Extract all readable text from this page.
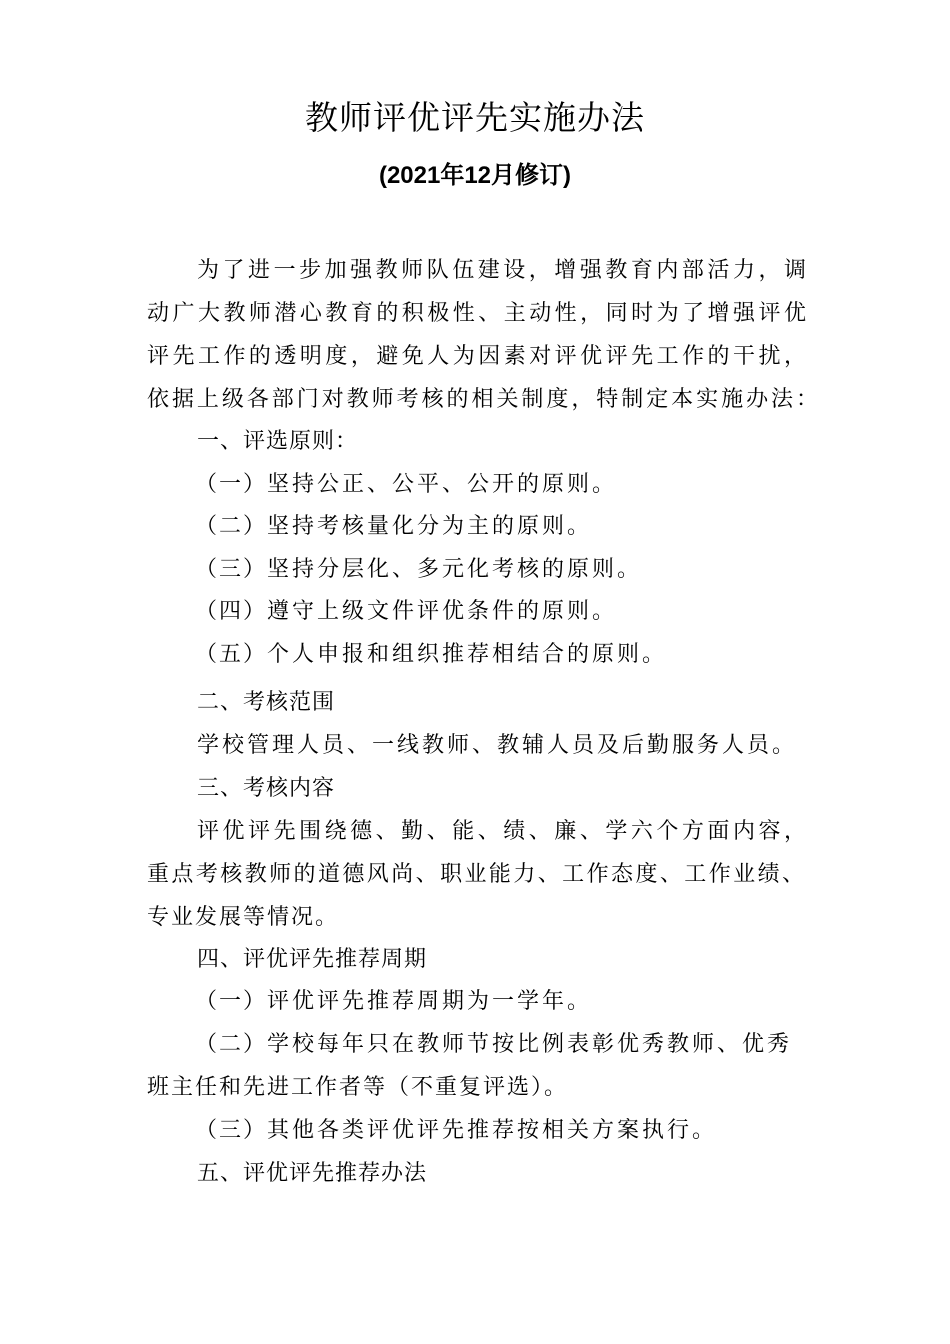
教师评优评先实施办法
(2021年12月修订)
为了进一步加强教师队伍建设，增强教育内部活力，调
动广大教师潜心教育的积极性、主动性，同时为了增强评优
评先工作的透明度，避免人为因素对评优评先工作的干扰，
依据上级各部门对教师考核的相关制度，特制定本实施办法：
一、评选原则：
（一）坚持公正、公平、公开的原则。
（二）坚持考核量化分为主的原则。
（三）坚持分层化、多元化考核的原则。
（四）遵守上级文件评优条件的原则。
（五）个人申报和组织推荐相结合的原则。
二、考核范围
学校管理人员、一线教师、教辅人员及后勤服务人员。
三、考核内容
评优评先围绕德、勤、能、绩、廉、学六个方面内容，
重点考核教师的道德风尚、职业能力、工作态度、工作业绩、
专业发展等情况。
四、评优评先推荐周期
（一）评优评先推荐周期为一学年。
（二）学校每年只在教师节按比例表彰优秀教师、优秀
班主任和先进工作者等（不重复评选）。
（三）其他各类评优评先推荐按相关方案执行。
五、评优评先推荐办法
